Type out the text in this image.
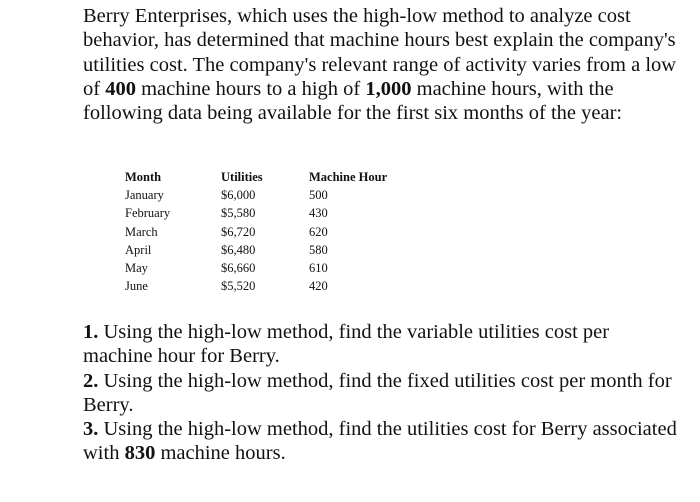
Berry Enterprises, which uses the high-low method to analyze cost behavior, has determined that machine hours best explain the company's utilities cost. The company's relevant range of activity varies from a low of 400 machine hours to a high of 1,000 machine hours, with the following data being available for the first six months of the year:

Month	Utilities	Machine Hour
January	$6,000	500
February	$5,580	430
March	$6,720	620
April	$6,480	580
May	$6,660	610
June	$5,520	420

1. Using the high-low method, find the variable utilities cost per machine hour for Berry.

2. Using the high-low method, find the fixed utilities cost per month for Berry.

3. Using the high-low method, find the utilities cost for Berry associated with 830 machine hours.
